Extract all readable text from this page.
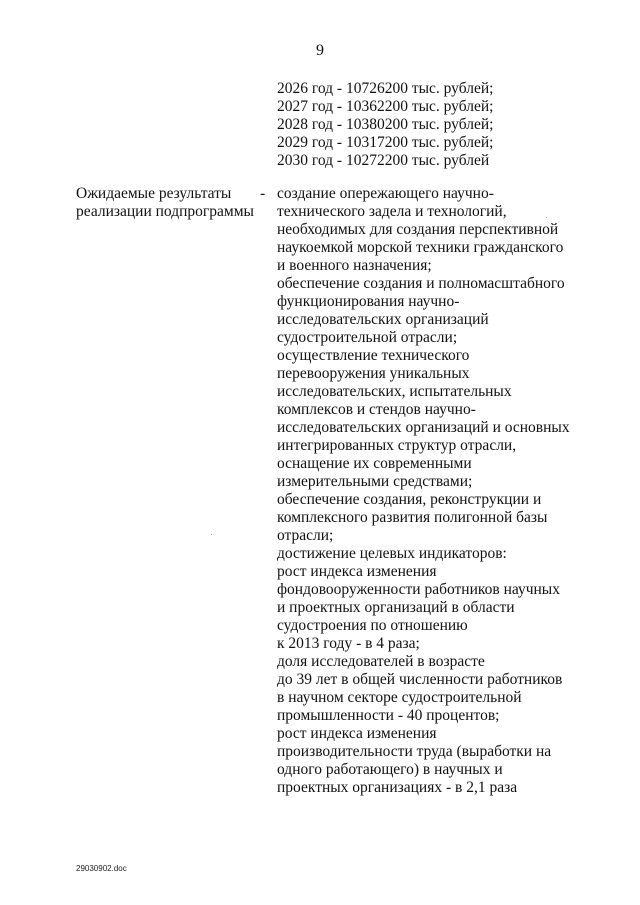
9
2026 год - 10726200 тыс. рублей;
2027 год - 10362200 тыс. рублей;
2028 год - 10380200 тыс. рублей;
2029 год - 10317200 тыс. рублей;
2030 год - 10272200 тыс. рублей
Ожидаемые результаты
реализации подпрограммы
- создание опережающего научно-
технического задела и технологий,
необходимых для создания перспективной
наукоемкой морской техники гражданского
и военного назначения;
обеспечение создания и полномасштабного
функционирования научно-
исследовательских организаций
судостроительной отрасли;
осуществление технического
перевооружения уникальных
исследовательских, испытательных
комплексов и стендов научно-
исследовательских организаций и основных
интегрированных структур отрасли,
оснащение их современными
измерительными средствами;
обеспечение создания, реконструкции и
комплексного развития полигонной базы
отрасли;
достижение целевых индикаторов:
рост индекса изменения
фондовооруженности работников научных
и проектных организаций в области
судостроения по отношению
к 2013 году - в 4 раза;
доля исследователей в возрасте
до 39 лет в общей численности работников
в научном секторе судостроительной
промышленности - 40 процентов;
рост индекса изменения
производительности труда (выработки на
одного работающего) в научных и
проектных организациях - в 2,1 раза
29030902.doc
